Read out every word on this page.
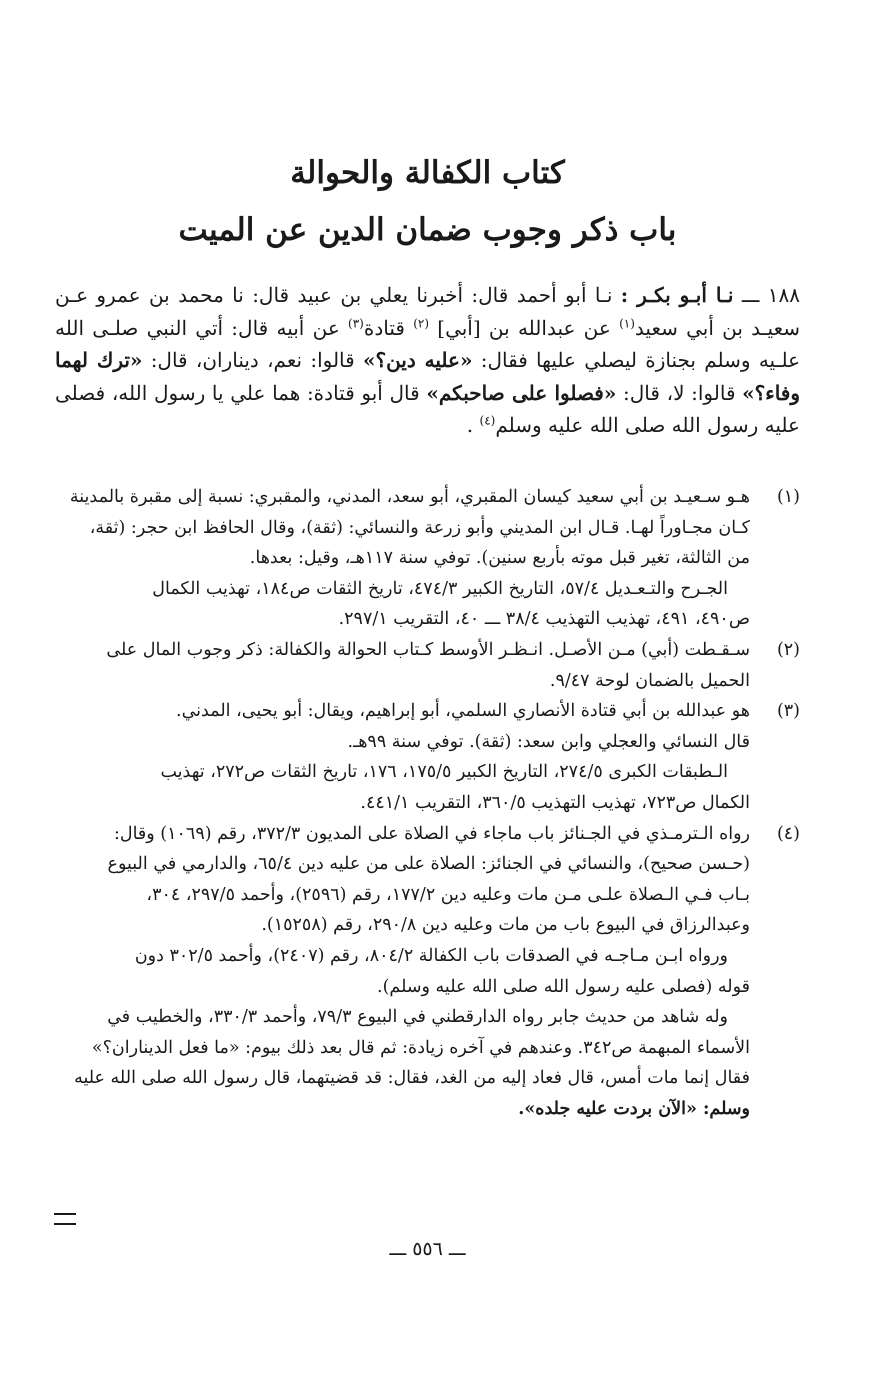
كتاب الكفالة والحوالة
باب ذكر وجوب ضمان الدين عن الميت
١٨٨ ـــ نـا أبـو بكـر : نـا أبو أحمد قال: أخبرنا يعلي بن عبيد قال: نا محمد بن عمرو عـن سعيـد بن أبي سعيد$^{(١)}$ عن عبدالله بن [أبي] $^{(٢)}$ قتادة$^{(٣)}$ عن أبيه قال: أتي النبي صلـى الله علـيه وسلم بجنازة ليصلي عليها فقال: «عليه دين؟» قالوا: نعم، ديناران، قال: «ترك لهما وفاء؟» قالوا: لا، قال: «فصلوا على صاحبكم» قال أبو قتادة: هما علي يا رسول الله، فصلى عليه رسول الله صلى الله عليه وسلم$^{(٤)}$ .
(١)
هـو سـعيـد بن أبي سعيد كيسان المقبري، أبو سعد، المدني، والمقبري: نسبة إلى مقبرة بالمدينة
كـان مجـاوراً لهـا. قـال ابن المديني وأبو زرعة والنسائي: (ثقة)، وقال الحافظ ابن حجر: (ثقة،
من الثالثة، تغير قبل موته بأربع سنين). توفي سنة ١١٧هـ، وقيل: بعدها.
الجـرح والتـعـديل ٥٧/٤، التاريخ الكبير ٤٧٤/٣، تاريخ الثقات ص١٨٤، تهذيب الكمال
ص٤٩٠، ٤٩١، تهذيب التهذيب ٣٨/٤ ـــ ٤٠، التقريب ٢٩٧/١.
(٢)
سـقـطت (أبي) مـن الأصـل. انـظـر الأوسط كـتاب الحوالة والكفالة: ذكر وجوب المال على
الحميل بالضمان لوحة ٩/٤٧.
(٣)
هو عبدالله بن أبي قتادة الأنصاري السلمي، أبو إبراهيم، ويقال: أبو يحيى، المدني.
قال النسائي والعجلي وابن سعد: (ثقة). توفي سنة ٩٩هـ.
الـطبقات الكبرى ٢٧٤/٥، التاريخ الكبير ١٧٥/٥، ١٧٦، تاريخ الثقات ص٢٧٢، تهذيب
الكمال ص٧٢٣، تهذيب التهذيب ٣٦٠/٥، التقريب ٤٤١/١.
(٤)
رواه الـترمـذي في الجـنائز باب ماجاء في الصلاة على المديون ٣٧٢/٣، رقم (١٠٦٩) وقال:
(حـسن صحيح)، والنسائي في الجنائز: الصلاة على من عليه دين ٦٥/٤، والدارمي في البيوع
بـاب فـي الـصلاة علـى مـن مات وعليه دين ١٧٧/٢، رقم (٢٥٩٦)، وأحمد ٢٩٧/٥، ٣٠٤،
وعبدالرزاق في البيوع باب من مات وعليه دين ٢٩٠/٨، رقم (١٥٢٥٨).
ورواه ابـن مـاجـه في الصدقات باب الكفالة ٨٠٤/٢، رقم (٢٤٠٧)، وأحمد ٣٠٢/٥ دون
قوله (فصلى عليه رسول الله صلى الله عليه وسلم).
وله شاهد من حديث جابر رواه الدارقطني في البيوع ٧٩/٣، وأحمد ٣٣٠/٣، والخطيب في
الأسماء المبهمة ص٣٤٢. وعندهم في آخره زيادة: ثم قال بعد ذلك بيوم: «ما فعل الديناران؟»
فقال إنما مات أمس، قال فعاد إليه من الغد، فقال: قد قضيتهما، قال رسول الله صلى الله عليه
وسلم: «الآن بردت عليه جلده».
ـــ ٥٥٦ ـــ
